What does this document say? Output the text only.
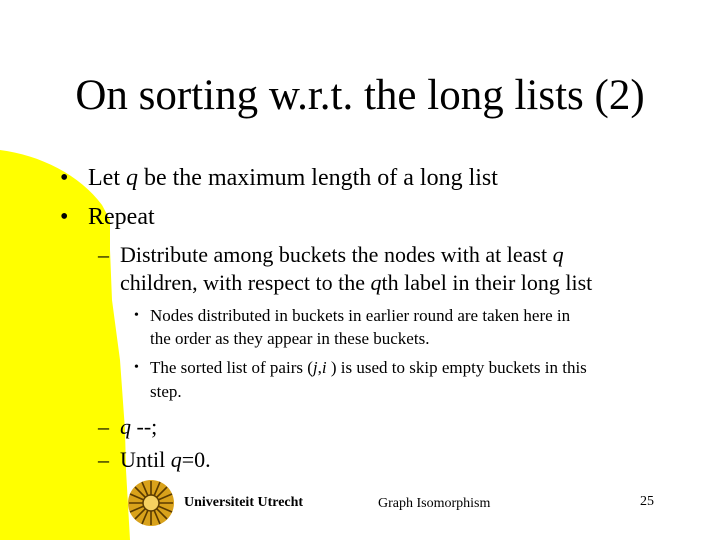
On sorting w.r.t. the long lists (2)
• Let q be the maximum length of a long list
• Repeat
– Distribute among buckets the nodes with at least q
children, with respect to the qth label in their long list
• Nodes distributed in buckets in earlier round are taken here in
the order as they appear in these buckets.
• The sorted list of pairs (j,i ) is used to skip empty buckets in this
step.
– q --;
– Until q=0.
Universiteit Utrecht	Graph Isomorphism	25
